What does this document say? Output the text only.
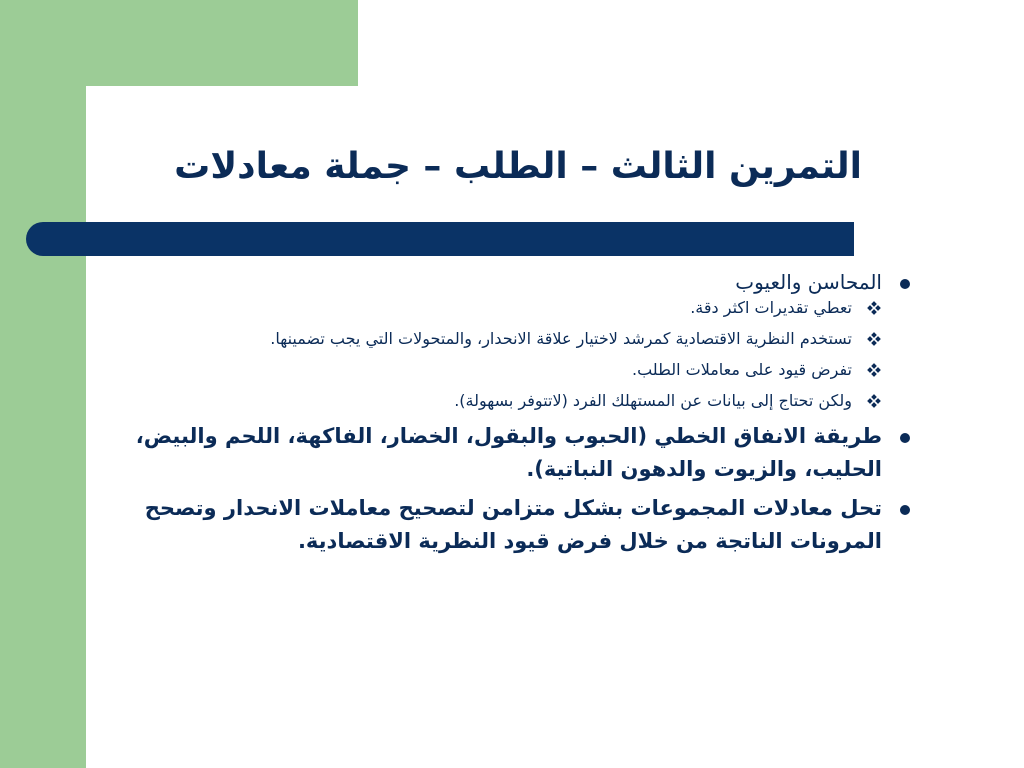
التمرين الثالث – الطلب – جملة معادلات
المحاسن والعيوب
تعطي تقديرات اكثر دقة.
تستخدم النظرية الاقتصادية كمرشد لاختيار علاقة الانحدار، والمتحولات التي يجب تضمينها.
تفرض قيود على معاملات الطلب.
ولكن تحتاج إلى بيانات عن المستهلك الفرد (لاتتوفر بسهولة).
طريقة الانفاق الخطي (الحبوب والبقول، الخضار، الفاكهة، اللحم والبيض، الحليب، والزيوت والدهون النباتية).
تحل معادلات المجموعات بشكل متزامن لتصحيح معاملات الانحدار وتصحح المرونات الناتجة من خلال فرض قيود النظرية الاقتصادية.
